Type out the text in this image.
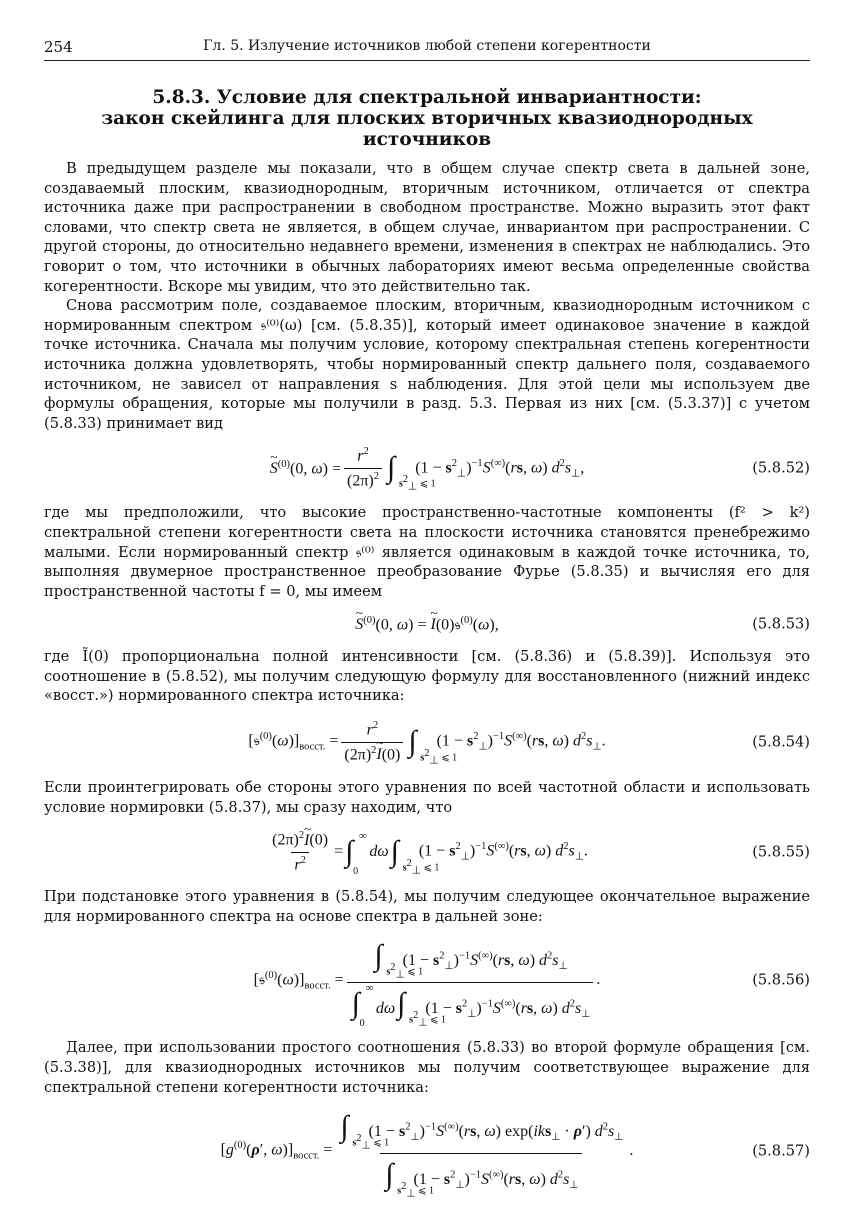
254	Гл. 5. Излучение источников любой степени когерентности
5.8.3. Условие для спектральной инвариантности:
закон скейлинга для плоских вторичных квазиоднородных источников

В предыдущем разделе мы показали, что в общем случае спектр света в дальней зоне, создаваемый плоским, квазиоднородным, вторичным источником, отличается от спектра источника даже при распространении в свободном пространстве. Можно выразить этот факт словами, что спектр света не является, в общем случае, инвариантом при распространении. С другой стороны, до относительно недавнего времени, изменения в спектрах не наблюдались. Это говорит о том, что источники в обычных лабораториях имеют весьма определенные свойства когерентности. Вскоре мы увидим, что это действительно так.

Снова рассмотрим поле, создаваемое плоским, вторичным, квазиоднородным источником с нормированным спектром 𝔰⁽⁰⁾(ω) [см. (5.8.35)], который имеет одинаковое значение в каждой точке источника. Сначала мы получим условие, которому спектральная степень когерентности источника должна удовлетворять, чтобы нормированный спектр дальнего поля, создаваемого источником, не зависел от направления s наблюдения. Для этой цели мы используем две формулы обращения, которые мы получили в разд. 5.3. Первая из них [см. (5.3.37)] с учетом (5.8.33) принимает вид

~ $S^{(0)}(0$, $\omega) = \frac{r^2}{(2\pi)^2}$ ∫ $s^2_\perp$ ⩽ 1
$(1 - s^2_\perp)^{-1}S^{(\infty)}(rs$, ω) $d^2s_\perp$,	(5.8.52)

где мы предположили, что высокие пространственно-частотные компоненты (f² > k²) спектральной степени когерентности света на плоскости источника становятся пренебрежимо малыми. Если нормированный спектр 𝔰⁽⁰⁾ является одинаковым в каждой точке источника, то, выполняя двумерное пространственное преобразование Фурье (5.8.35) и вычисляя его для пространственной частоты f = 0, мы имеем

~ $S^{(0)}(0$, ω) = ~ I(0)𝔰$^{(0)}$(ω),	(5.8.53)

где Ĩ(0) пропорциональна полной интенсивности [см. (5.8.36) и (5.8.39)]. Используя это соотношение в (5.8.52), мы получим следующую формулу для восстановленного (нижний индекс «восст.») нормированного спектра источника:

$[𝔰^{(0)}(\omega)]_{восст.} = \frac{r^2}{(2\pi)^2\sim I(0)}$ ∫ $s^2_\perp$ ⩽ 1
$(1 - s^2_\perp)^{-1}S^{(\infty)}(rs$, ω) $d^2s_\perp$.	(5.8.54)

Если проинтегрировать обе стороны этого уравнения по всей частотной области и использовать условие нормировки (5.8.37), мы сразу находим, что

$\frac{(2\pi)^2\sim I(0)}{r^2}$ = ∫ ∞
0
dω ∫ $s^2_\perp$ ⩽ 1
$(1 - s^2_\perp)^{-1}S^{(\infty)}(rs$, ω) $d^2s_\perp$.	(5.8.55)

При подстановке этого уравнения в (5.8.54), мы получим следующее окончательное выражение для нормированного спектра на основе спектра в дальней зоне:

$[𝔰^{(0)}(\omega)]_{восст.}$ = ∫ $s^2_\perp$ ⩽ 1
$(1 - s^2_\perp)^{-1}S^{(\infty)}(rs$, ω) $d^2s_\perp$
∫ ∞
0
dω∫ $s^2_\perp$ ⩽ 1
$(1 - s^2_\perp)^{-1}S^{(\infty)}(rs$, ω) $d^2s_\perp$ .	(5.8.56)

Далее, при использовании простого соотношения (5.8.33) во второй формуле обращения [см. (5.3.38)], для квазиоднородных источников мы получим соответствующее выражение для спектральной степени когерентности источника:

[$g^{(0)}(\rho'$, $\omega)]_{восст.}$ = ∫ $s^2_\perp$ ⩽ 1
$(1 - s^2_\perp)^{-1}S^{(\infty)}(rs$, ω) exp(iks$_\perp$ · ρ′) $d^2s_\perp$
∫ $s^2_\perp$ ⩽ 1
$(1 - s^2_\perp)^{-1}S^{(\infty)}(rs$, ω) $d^2s_\perp$ .	(5.8.57)
